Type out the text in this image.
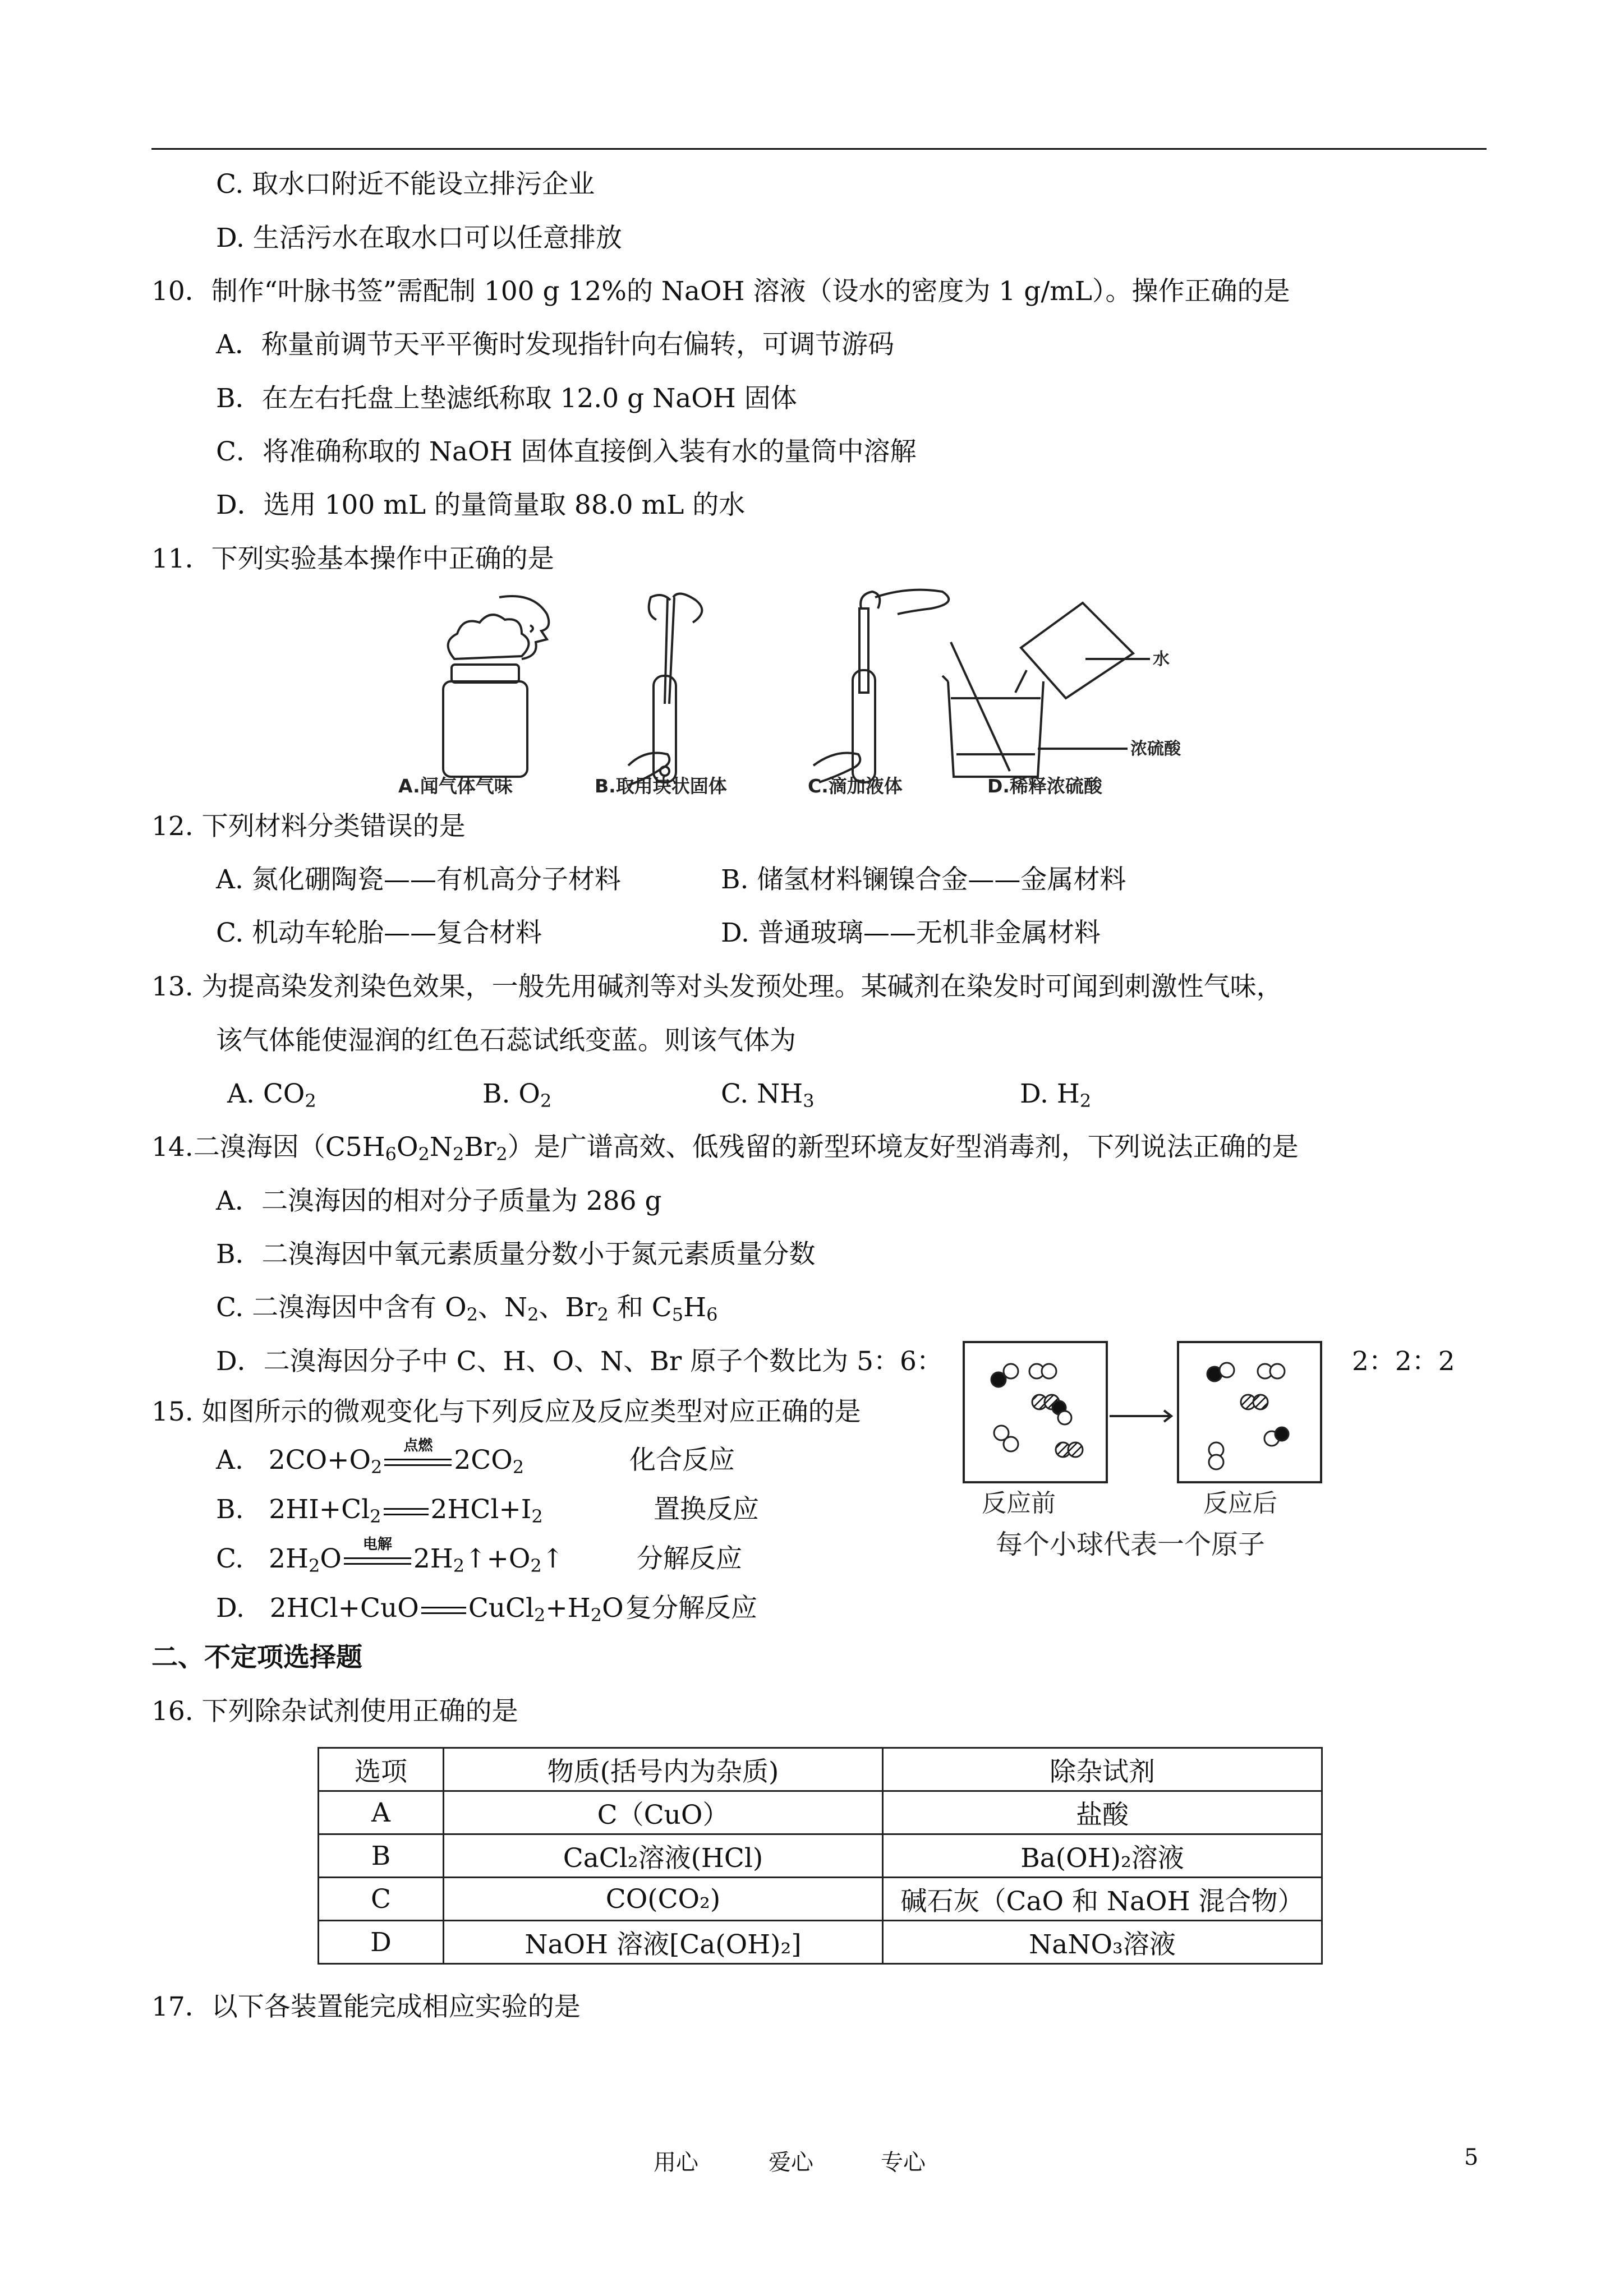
C. 取水口附近不能设立排污企业
D. 生活污水在取水口可以任意排放
10．制作“叶脉书签”需配制 100 g 12%的 NaOH 溶液（设水的密度为 1 g/mL）。操作正确的是
A．称量前调节天平平衡时发现指针向右偏转，可调节游码
B．在左右托盘上垫滤纸称取 12.0 g NaOH 固体
C．将准确称取的 NaOH 固体直接倒入装有水的量筒中溶解
D．选用 100 mL 的量筒量取 88.0 mL 的水
11．下列实验基本操作中正确的是
水
浓硫酸
A.闻气体气味	B.取用块状固体	C.滴加液体	D.稀释浓硫酸
12. 下列材料分类错误的是
A. 氮化硼陶瓷——有机高分子材料	B. 储氢材料镧镍合金——金属材料
C. 机动车轮胎——复合材料	D. 普通玻璃——无机非金属材料
13. 为提高染发剂染色效果，一般先用碱剂等对头发预处理。某碱剂在染发时可闻到刺激性气味，
该气体能使湿润的红色石蕊试纸变蓝。则该气体为
A. $CO_2$	B. $O_2$	C. $NH_3$	D. $H_2$
14.二溴海因$(C5H_6O_2N_2Br_2)$是广谱高效、低残留的新型环境友好型消毒剂，下列说法正确的是
A．二溴海因的相对分子质量为 286 g
B．二溴海因中氧元素质量分数小于氮元素质量分数
C. 二溴海因中含有 $O_2$、$N_2$、$Br_2$ 和 $C_5H_6$
D．二溴海因分子中 C、H、O、N、Br 原子个数比为 5：6：	2：2：2
15. 如图所示的微观变化与下列反应及反应类型对应正确的是
A.   $2CO+O_2$
点燃 $2CO_2$	化合反应
B.   $2HI+Cl_2$ $2HCl+I_2$	置换反应
C.   $2H_2O$	电解 $2H_2↑+O_2↑$	分解反应
D.   2HCl+CuO $CuCl_2+H_2O$ 复分解反应
反应前	反应后
每个小球代表一个原子
二、不定项选择题
16. 下列除杂试剂使用正确的是
选项	物质(括号内为杂质)	除杂试剂
A	C（CuO）	盐酸
B	CaCl₂溶液(HCl)	Ba(OH)₂溶液
C	CO(CO₂)	碱石灰（CaO 和 NaOH 混合物）
D	NaOH 溶液[Ca(OH)₂]	NaNO₃溶液
17．以下各装置能完成相应实验的是
用心	爱心	专心	5
